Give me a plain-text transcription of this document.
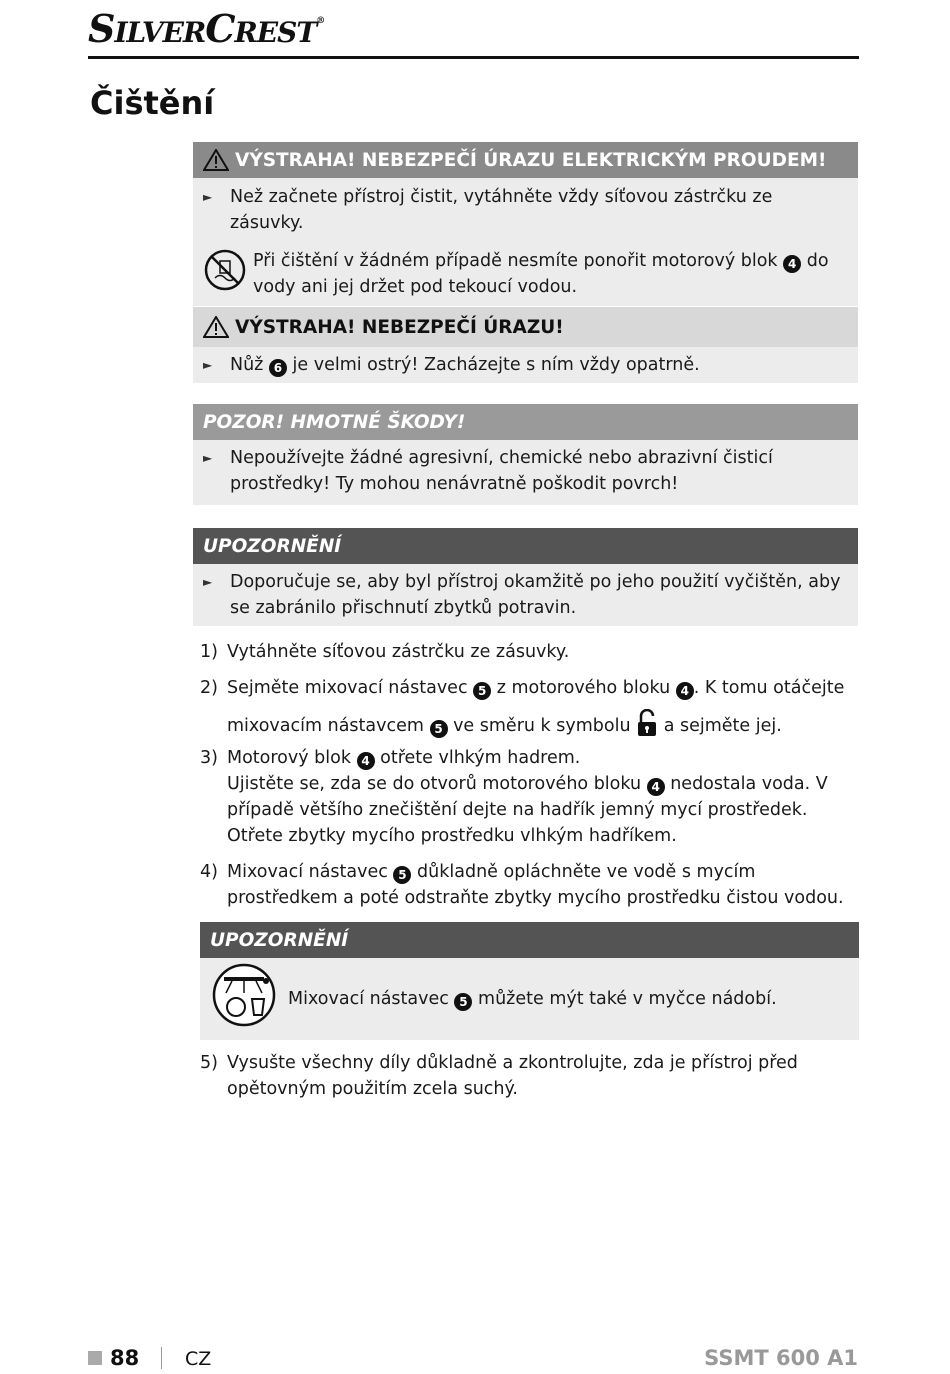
SILVERCREST®
Čištění
VÝSTRAHA! NEBEZPEČÍ ÚRAZU ELEKTRICKÝM PROUDEM!
►	Než začnete přístroj čistit, vytáhněte vždy síťovou zástrčku ze zásuvky.
Při čištění v žádném případě nesmíte ponořit motorový blok 4 do vody ani jej držet pod tekoucí vodou.
VÝSTRAHA! NEBEZPEČÍ ÚRAZU!
►	Nůž 6 je velmi ostrý! Zacházejte s ním vždy opatrně.
POZOR! HMOTNÉ ŠKODY!
►	Nepoužívejte žádné agresivní, chemické nebo abrazivní čisticí prostředky! Ty mohou nenávratně poškodit povrch!
UPOZORNĚNÍ
►	Doporučuje se, aby byl přístroj okamžitě po jeho použití vyčištěn, aby se zabránilo přischnutí zbytků potravin.
1) Vytáhněte síťovou zástrčku ze zásuvky.
2) Sejměte mixovací nástavec 5 z motorového bloku 4 . K tomu otáčejte
mixovacím nástavcem 5 ve směru k symbolu a sejměte jej.
3) Motorový blok 4 otřete vlhkým hadrem.
Ujistěte se, zda se do otvorů motorového bloku 4 nedostala voda. V případě většího znečištění dejte na hadřík jemný mycí prostředek. Otřete zbytky mycího prostředku vlhkým hadříkem.
4) Mixovací nástavec 5 důkladně opláchněte ve vodě s mycím prostředkem a poté odstraňte zbytky mycího prostředku čistou vodou.
UPOZORNĚNÍ
Mixovací nástavec 5 můžete mýt také v myčce nádobí.
5) Vysušte všechny díly důkladně a zkontrolujte, zda je přístroj před opětovným použitím zcela suchý.
88 CZ	SSMT 600 A1
